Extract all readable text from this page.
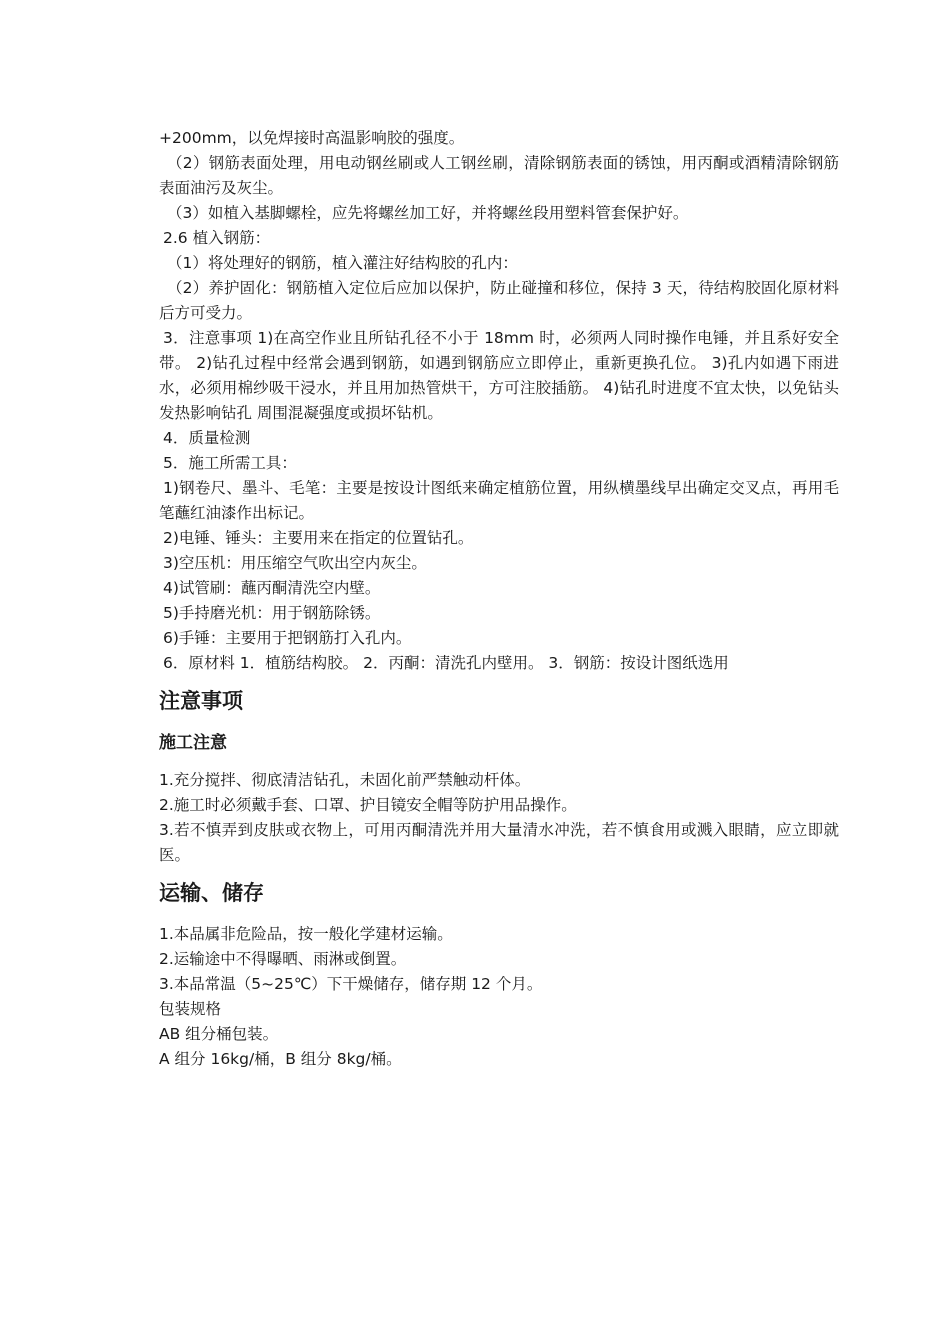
+200mm，以免焊接时高温影响胶的强度。

（2）钢筋表面处理，用电动钢丝刷或人工钢丝刷，清除钢筋表面的锈蚀，用丙酮或酒精清除钢筋表面油污及灰尘。

（3）如植入基脚螺栓，应先将螺丝加工好，并将螺丝段用塑料管套保护好。

2.6 植入钢筋：

（1）将处理好的钢筋，植入灌注好结构胶的孔内：

（2）养护固化：钢筋植入定位后应加以保护，防止碰撞和移位，保持 3 天，待结构胶固化原材料后方可受力。

3．注意事项 1)在高空作业且所钻孔径不小于 18mm 时，必须两人同时操作电锤，并且系好安全带。 2)钻孔过程中经常会遇到钢筋，如遇到钢筋应立即停止，重新更换孔位。 3)孔内如遇下雨进水，必须用棉纱吸干浸水，并且用加热管烘干，方可注胶插筋。 4)钻孔时进度不宜太快，以免钻头发热影响钻孔 周围混凝强度或损坏钻机。

4．质量检测

5．施工所需工具：

1)钢卷尺、墨斗、毛笔：主要是按设计图纸来确定植筋位置，用纵横墨线早出确定交叉点，再用毛笔蘸红油漆作出标记。

2)电锤、锤头：主要用来在指定的位置钻孔。

3)空压机：用压缩空气吹出空内灰尘。

4)试管刷：蘸丙酮清洗空内壁。

5)手持磨光机：用于钢筋除锈。

6)手锤：主要用于把钢筋打入孔内。

6．原材料 1．植筋结构胶。 2．丙酮：清洗孔内壁用。 3．钢筋：按设计图纸选用

注意事项
施工注意

1.充分搅拌、彻底清洁钻孔，未固化前严禁触动杆体。

2.施工时必须戴手套、口罩、护目镜安全帽等防护用品操作。

3.若不慎弄到皮肤或衣物上，可用丙酮清洗并用大量清水冲洗，若不慎食用或溅入眼睛，应立即就医。

运输、储存

1.本品属非危险品，按一般化学建材运输。

2.运输途中不得曝晒、雨淋或倒置。

3.本品常温（5~25℃）下干燥储存，储存期 12 个月。

包装规格

AB 组分桶包装。

A 组分 16kg/桶，B 组分 8kg/桶。
